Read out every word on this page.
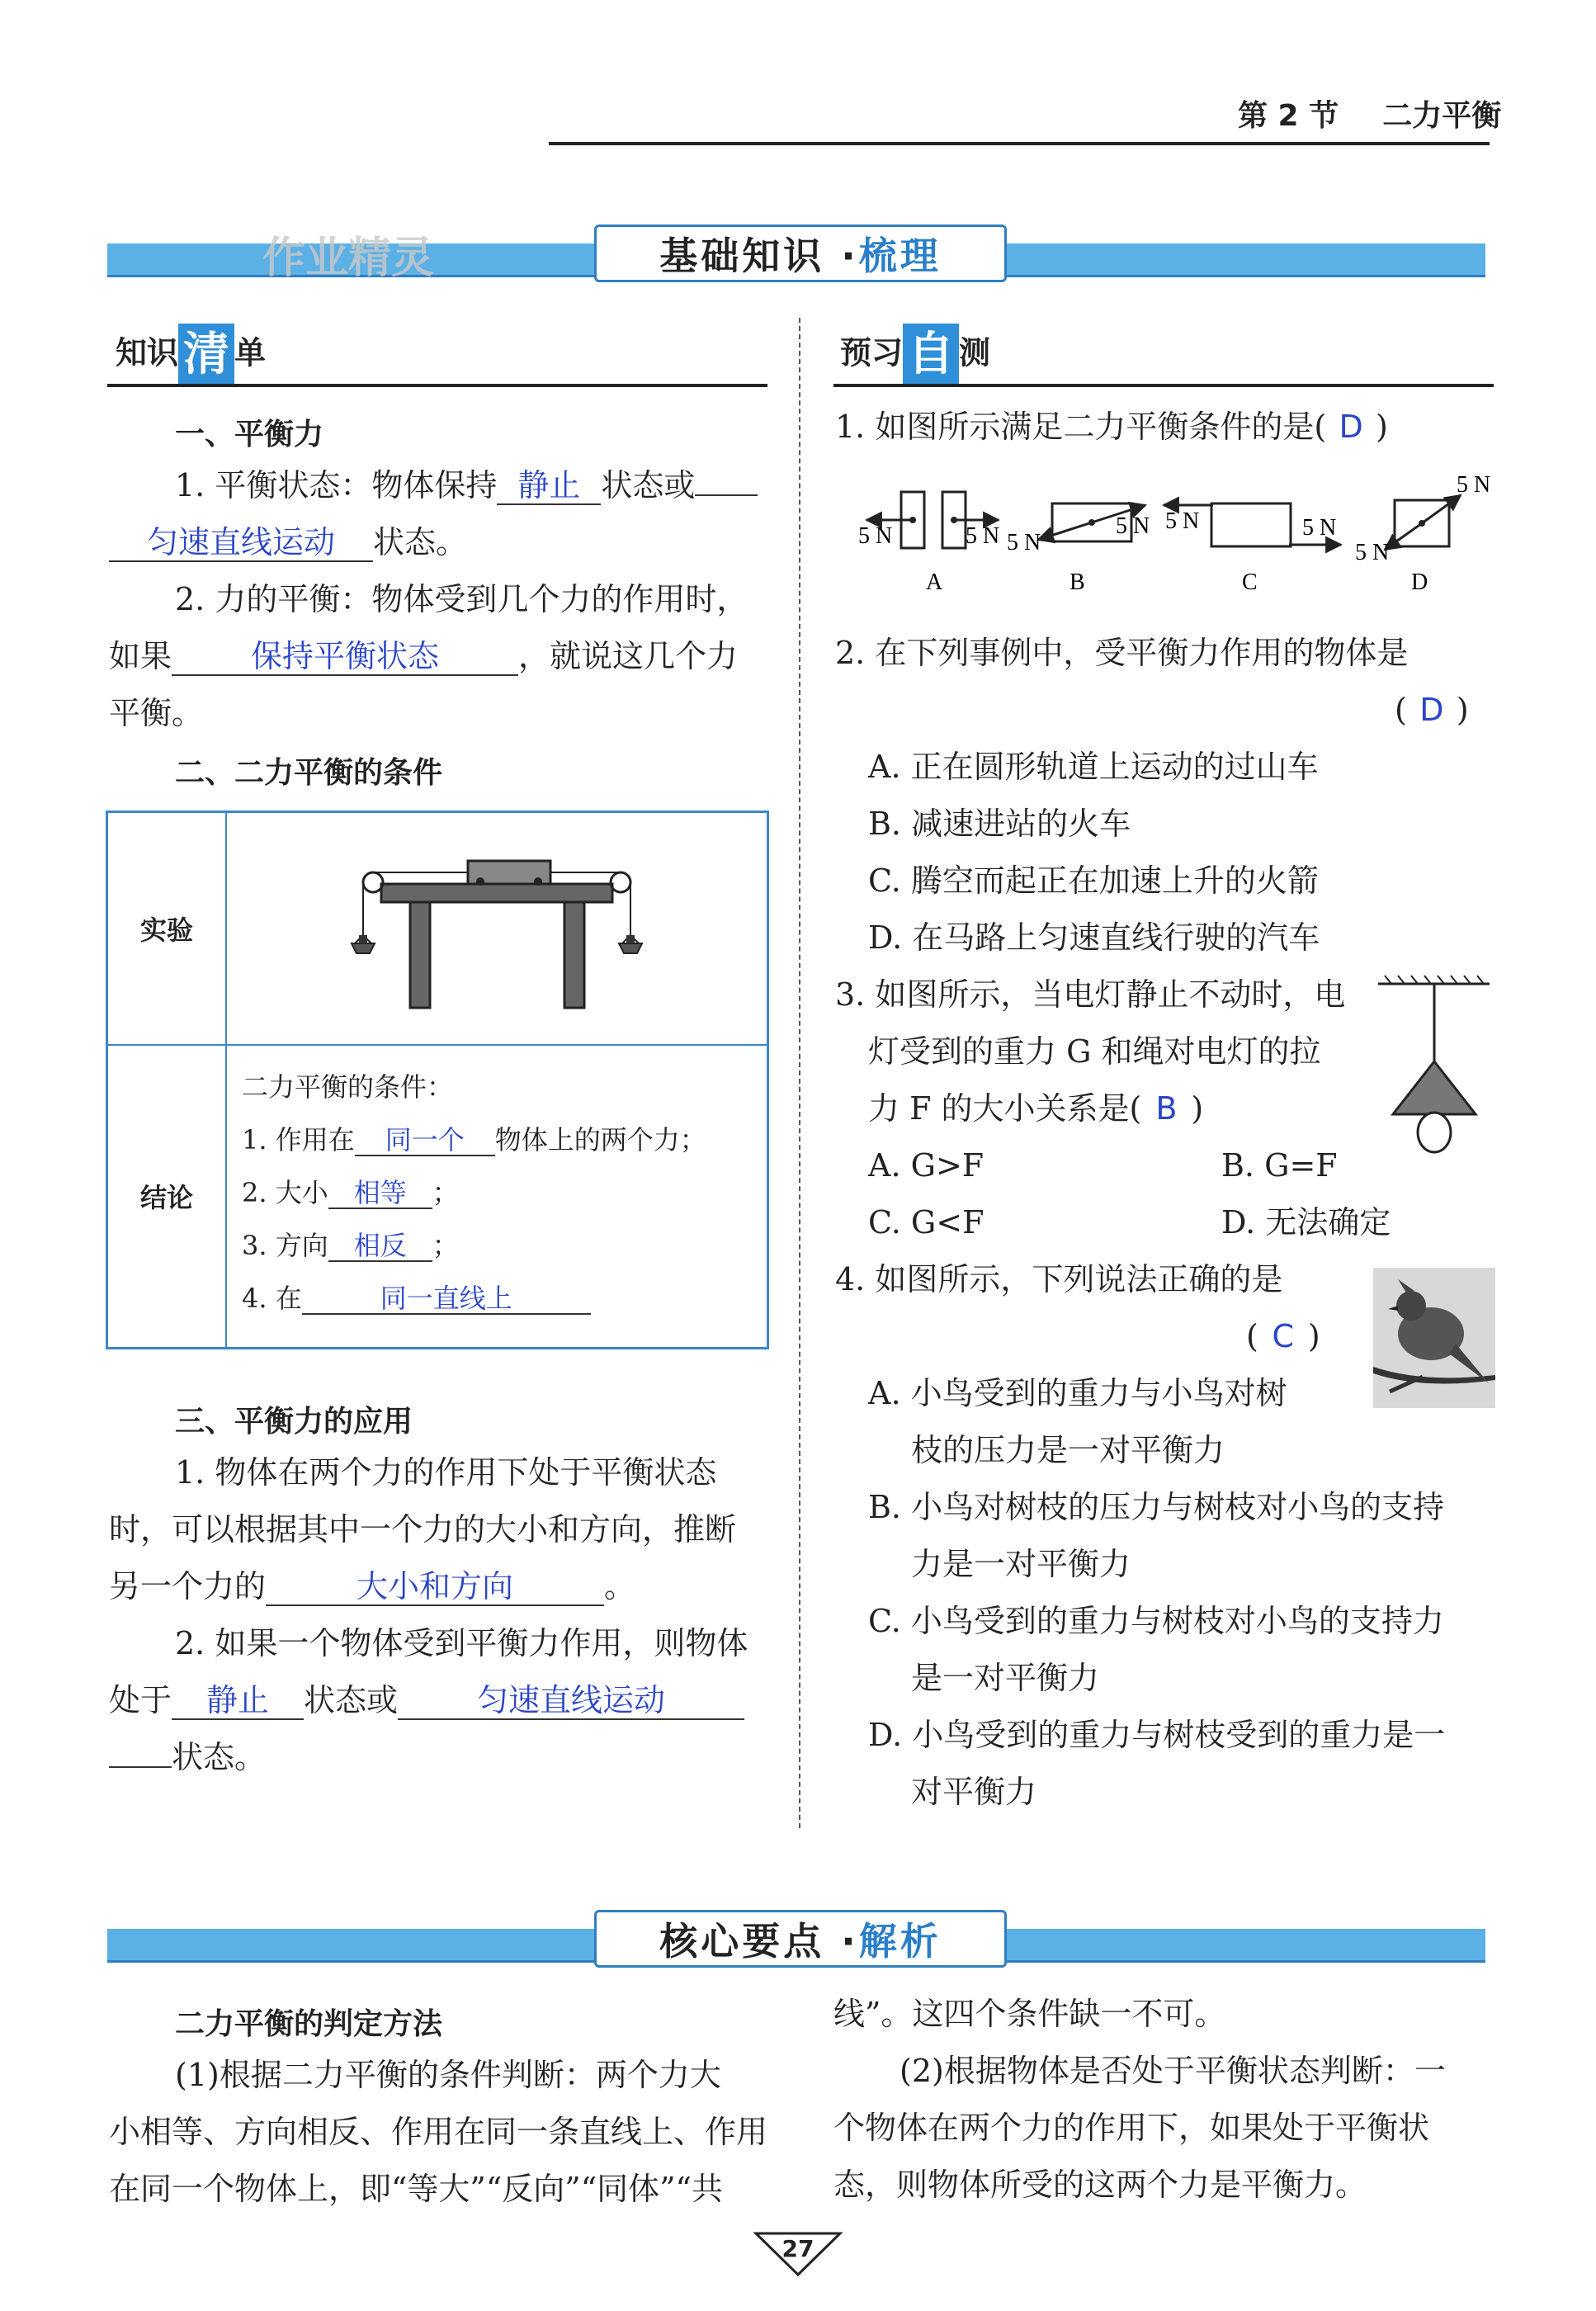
第 2 节 二力平衡
作业精灵	基础知识 · 梳理
知识 清 单
一、平衡力
1. 平衡状态：物体保持 静止 状态或
匀速直线运动 状态。
2. 力的平衡：物体受到几个力的作用时，
如果	保持平衡状态	，就说这几个力
平衡。
二、二力平衡的条件
实验	
结论	二力平衡的条件：
1. 作用在 同一个 物体上的两个力；
2. 大小 相等 ；
3. 方向 相反 ；
4. 在 同一直线上
三、平衡力的应用
1. 物体在两个力的作用下处于平衡状态
时，可以根据其中一个力的大小和方向，推断
另一个力的	大小和方向	。
2. 如果一个物体受到平衡力作用，则物体
处于 静止 状态或	匀速直线运动
状态。
预习 自 测
1. 如图所示满足二力平衡条件的是( D )
5 N	5 N
A
5 N
5 N
B
5 N	5 N
C
5 N
5 N
D
2. 在下列事例中，受平衡力作用的物体是
( D )
A. 正在圆形轨道上运动的过山车
B. 减速进站的火车
C. 腾空而起正在加速上升的火箭
D. 在马路上匀速直线行驶的汽车
3. 如图所示，当电灯静止不动时，电
灯受到的重力 G 和绳对电灯的拉
力 F 的大小关系是( B )
A. G>F	B. G=F
C. G<F	D. 无法确定
4. 如图所示，下列说法正确的是
( C )
A. 小鸟受到的重力与小鸟对树
枝的压力是一对平衡力
B. 小鸟对树枝的压力与树枝对小鸟的支持
力是一对平衡力
C. 小鸟受到的重力与树枝对小鸟的支持力
是一对平衡力
D. 小鸟受到的重力与树枝受到的重力是一
对平衡力
核心要点 · 解析
二力平衡的判定方法
(1)根据二力平衡的条件判断：两个力大
小相等、方向相反、作用在同一条直线上、作用
在同一个物体上，即“等大”“反向”“同体”“共
线”。这四个条件缺一不可。
(2)根据物体是否处于平衡状态判断：一
个物体在两个力的作用下，如果处于平衡状
态，则物体所受的这两个力是平衡力。
27
